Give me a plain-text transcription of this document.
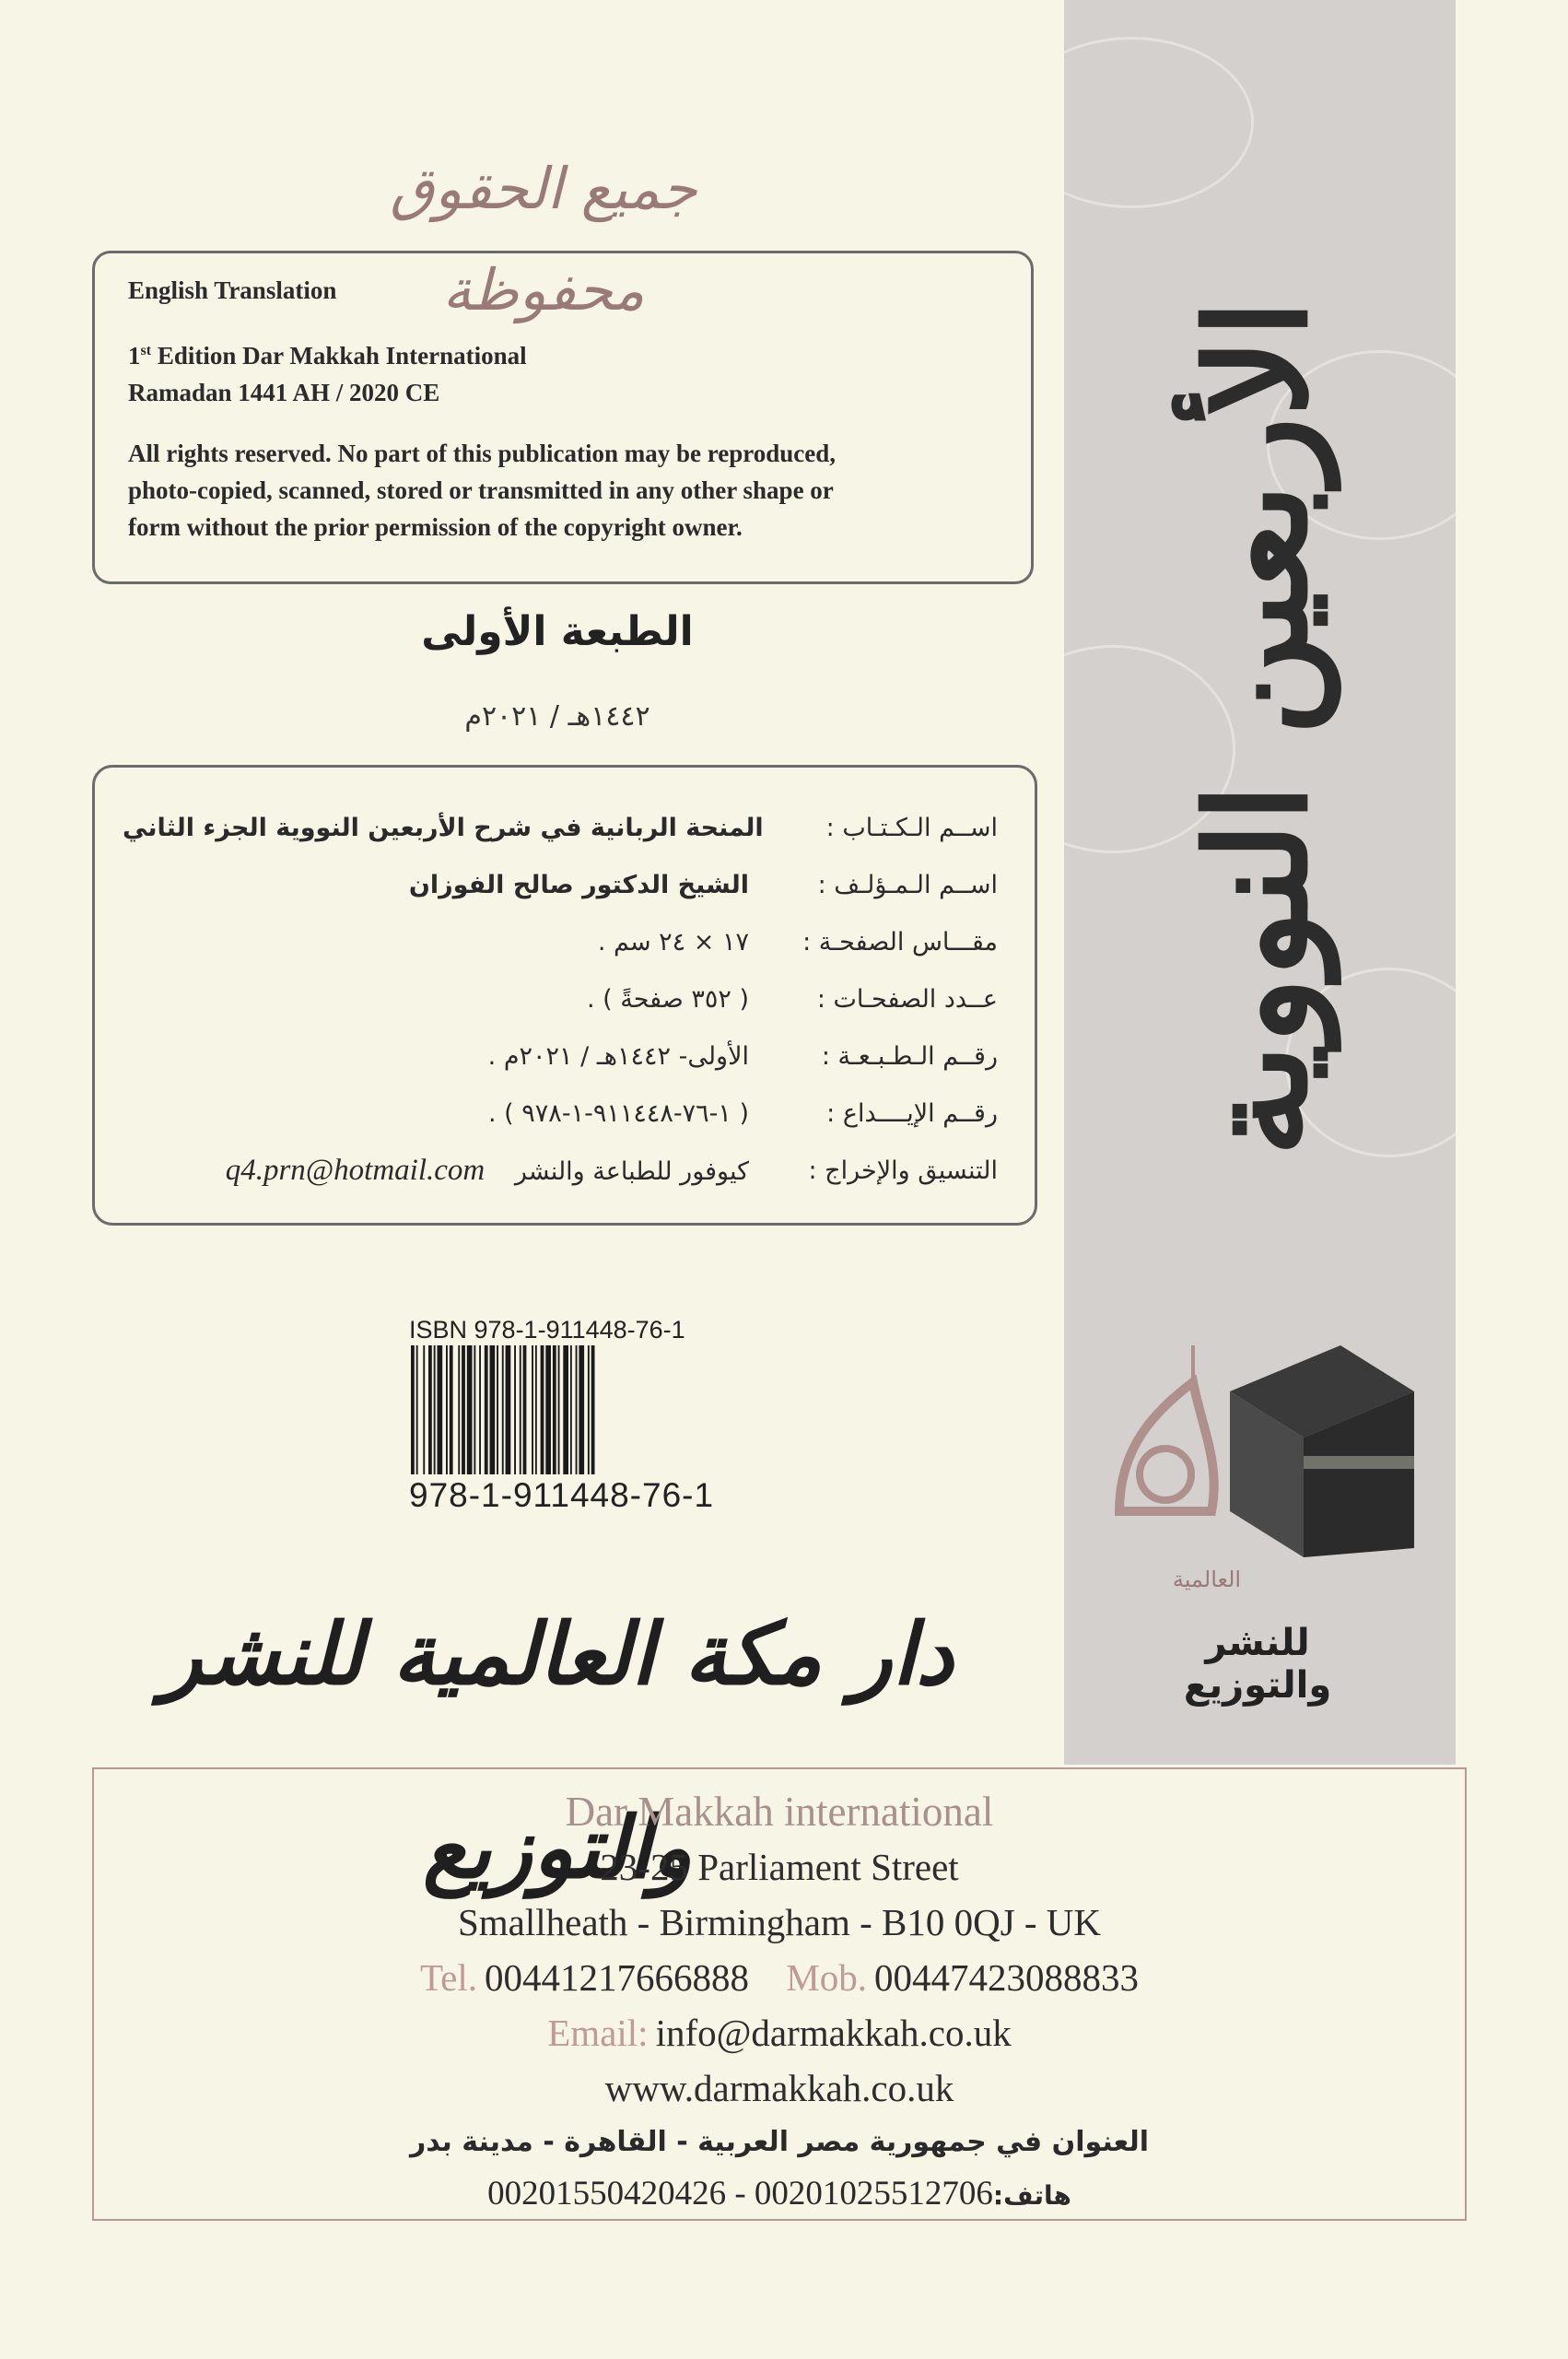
جميع الحقوق محفوظة
English Translation
1st Edition Dar Makkah International
Ramadan 1441 AH / 2020 CE
All rights reserved. No part of this publication may be reproduced,
photo-copied, scanned, stored or transmitted in any other shape or
form without the prior permission of the copyright owner.
الطبعة الأولى
١٤٤٢هـ / ٢٠٢١م
اســم الـكـتـاب :
المنحة الربانية في شرح الأربعين النووية الجزء الثاني
اســم الـمـؤلـف :
الشيخ الدكتور صالح الفوزان
مقـــاس الصفحـة :
١٧ × ٢٤ سم .
عــدد الصفحـات :
( ٣٥٢ صفحةً ) .
رقــم الـطـبـعـة :
الأولى- ١٤٤٢هـ / ٢٠٢١م .
رقــم الإيــــداع :
( ١-٧٦-٩١١٤٤٨-١-٩٧٨ ) .
التنسيق والإخراج :
كيوفور للطباعة والنشر q4.prn@hotmail.com
ISBN 978-1-911448-76-1
978-1-911448-76-1
دار مكة العالمية للنشر والتوزيع
الأربعين النووية
العالمية
للنشر والتوزيع
Dar Makkah international
23-25 Parliament Street
Smallheath - Birmingham - B10 0QJ - UK
Tel. 00441217666888 Mob. 00447423088833
Email: info@darmakkah.co.uk
www.darmakkah.co.uk
العنوان في جمهورية مصر العربية - القاهرة - مدينة بدر
هاتف:00201550420426 - 00201025512706
